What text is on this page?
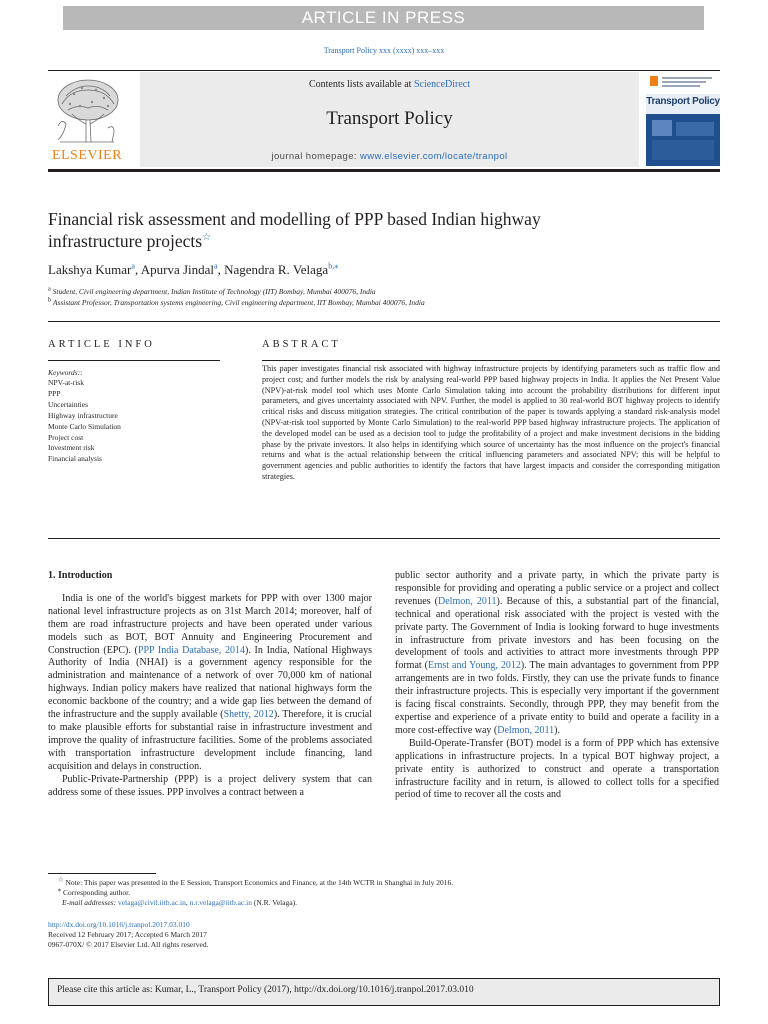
ARTICLE IN PRESS
Transport Policy xxx (xxxx) xxx–xxx
ELSEVIER
Contents lists available at ScienceDirect
Transport Policy
journal homepage: www.elsevier.com/locate/tranpol
Transport Policy
Financial risk assessment and modelling of PPP based Indian highway
infrastructure projects☆
Lakshya Kumar$^a$, Apurva Jindal$^a$, Nagendra R. Velaga$^{b,⁎}$
$^a$ Student, Civil engineering department, Indian Institute of Technology (IIT) Bombay, Mumbai 400076, India
$^b$ Assistant Professor, Transportation systems engineering, Civil engineering department, IIT Bombay, Mumbai 400076, India
ARTICLE INFO
Keywords::
NPV-at-risk
PPP
Uncertainties
Highway infrastructure
Monte Carlo Simulation
Project cost
Investment risk
Financial analysis
ABSTRACT

This paper investigates financial risk associated with highway infrastructure projects by identifying parameters such as traffic flow and project cost; and further models the risk by analysing real-world PPP based highway projects in India. It applies the Net Present Value (NPV)-at-risk model tool which uses Monte Carlo Simulation taking into account the probability distributions for different input parameters, and gives uncertainty associated with NPV. Further, the model is applied to 30 real-world BOT highway projects to identify critical risks and discuss mitigation strategies. The critical contribution of the paper is towards applying a standard risk-analysis model (NPV-at-risk tool supported by Monte Carlo Simulation) to the real-world PPP based highway infrastructure projects. The application of the developed model can be used as a decision tool to judge the profitability of a project and make investment decisions in the bidding phase by the private investors. It also helps in identifying which source of uncertainty has the most influence on the project's financial returns and what is the actual relationship between the critical influencing parameters and associated NPV; this will be helpful to government agencies and public authorities to identify the factors that have largest impacts and consider the corresponding mitigation strategies.

1. Introduction

India is one of the world's biggest markets for PPP with over 1300 major national level infrastructure projects as on 31st March 2014; moreover, half of them are road infrastructure projects and have been operated under various models such as BOT, BOT Annuity and Engineering Procurement and Construction (EPC). (PPP India Database, 2014). In India, National Highways Authority of India (NHAI) is a government agency responsible for the administration and maintenance of a network of over 70,000 km of national highways. Indian policy makers have realized that national highways form the economic backbone of the country; and a wide gap lies between the demand of the infrastructure and the supply available (Shetty, 2012). Therefore, it is crucial to make plausible efforts for substantial raise in infrastructure investment and improve the quality of infrastructure facilities. Some of the problems associated with transportation infrastructure development include financing, land acquisition and delays in construction.

Public-Private-Partnership (PPP) is a project delivery system that can address some of these issues. PPP involves a contract between a

public sector authority and a private party, in which the private party is responsible for providing and operating a public service or a project and collect revenues (Delmon, 2011). Because of this, a substantial part of the financial, technical and operational risk associated with the project is vested with the private party. The Government of India is looking forward to huge investments in infrastructure from private investors and has been focusing on the development of tools and activities to attract more investments through PPP format (Ernst and Young, 2012). The main advantages to government from PPP arrangements are in two folds. Firstly, they can use the private funds to finance their infrastructure projects. This is especially very important if the government is facing fiscal constraints. Secondly, through PPP, they may benefit from the expertise and experience of a private entity to build and operate a facility in a more cost-effective way (Delmon, 2011).

Build-Operate-Transfer (BOT) model is a form of PPP which has extensive applications in infrastructure projects. In a typical BOT highway project, a private entity is authorized to construct and operate a transportation infrastructure facility and in return, is allowed to collect tolls for a specified period of time to recover all the costs and

☆ Note: This paper was presented in the E Session, Transport Economics and Finance, at the 14th WCTR in Shanghai in July 2016.
⁎ Corresponding author.
E-mail addresses: velaga@civil.iitb.ac.in, n.r.velaga@iitb.ac.in (N.R. Velaga).
http://dx.doi.org/10.1016/j.tranpol.2017.03.010
Received 12 February 2017; Accepted 6 March 2017
0967-070X/ © 2017 Elsevier Ltd. All rights reserved.
Please cite this article as: Kumar, L., Transport Policy (2017), http://dx.doi.org/10.1016/j.tranpol.2017.03.010
